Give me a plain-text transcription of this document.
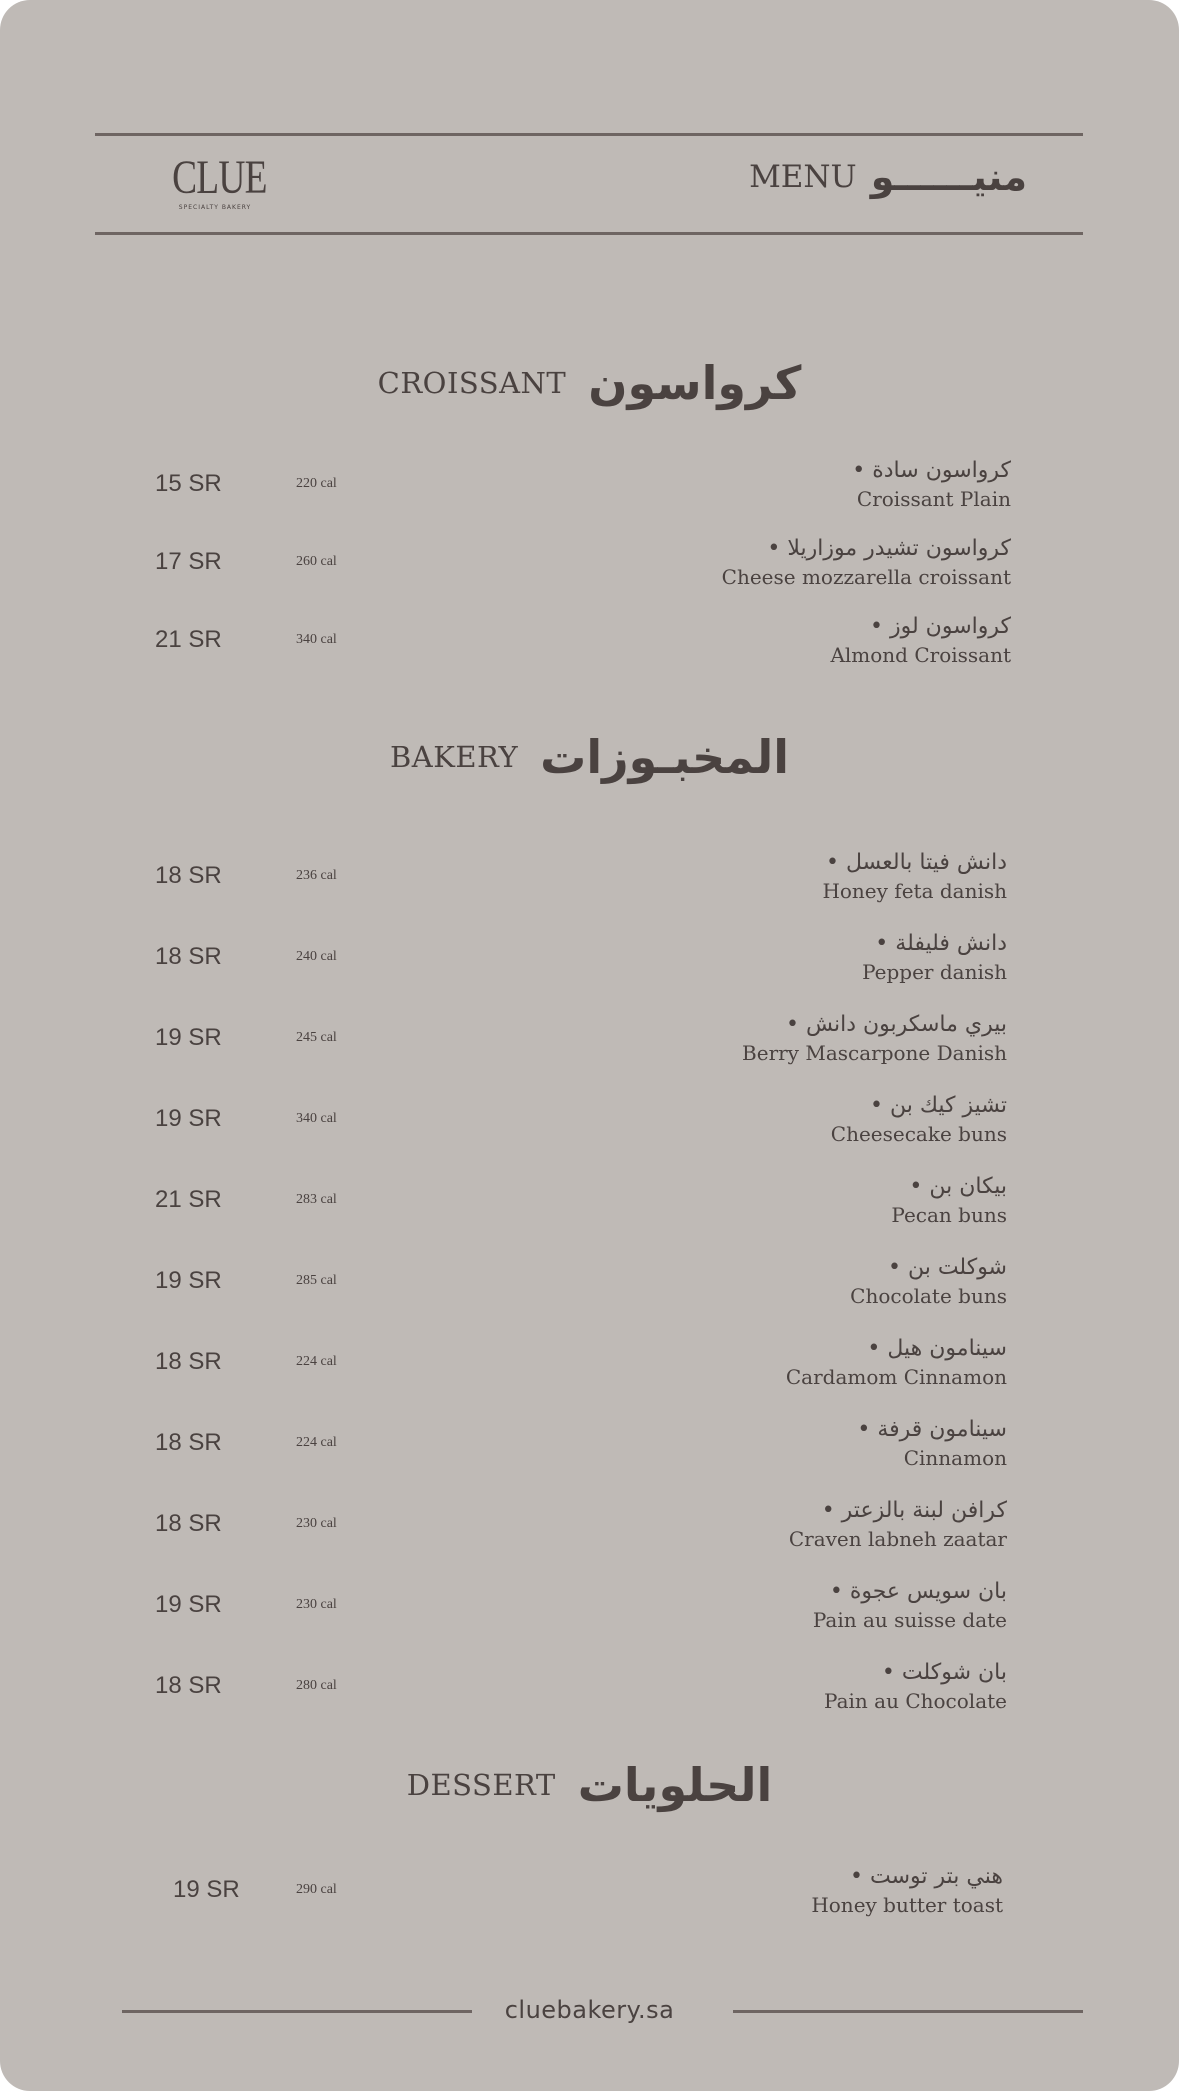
CLUE
SPECIALTY BAKERY
MENU منيــــــو
CROISSANT كرواسون
15 SR	220 cal
• كرواسون سادة
Croissant Plain
17 SR	260 cal
• كرواسون تشيدر موزاريلا
Cheese mozzarella croissant
21 SR	340 cal
• كرواسون لوز
Almond Croissant
BAKERY المخبـوزات
18 SR	236 cal
• دانش فيتا بالعسل
Honey feta danish
18 SR	240 cal
• دانش فليفلة
Pepper danish
19 SR	245 cal
• بيري ماسكربون دانش
Berry Mascarpone Danish
19 SR	340 cal
• تشيز كيك بن
Cheesecake buns
21 SR	283 cal
• بيكان بن
Pecan buns
19 SR	285 cal
• شوكلت بن
Chocolate buns
18 SR	224 cal
• سينامون هيل
Cardamom Cinnamon
18 SR	224 cal
• سينامون قرفة
Cinnamon
18 SR	230 cal
• كرافن لبنة بالزعتر
Craven labneh zaatar
19 SR	230 cal
• بان سويس عجوة
Pain au suisse date
18 SR	280 cal
• بان شوكلت
Pain au Chocolate
DESSERT الحلويات
19 SR	290 cal
• هني بتر توست
Honey butter toast
cluebakery.sa
